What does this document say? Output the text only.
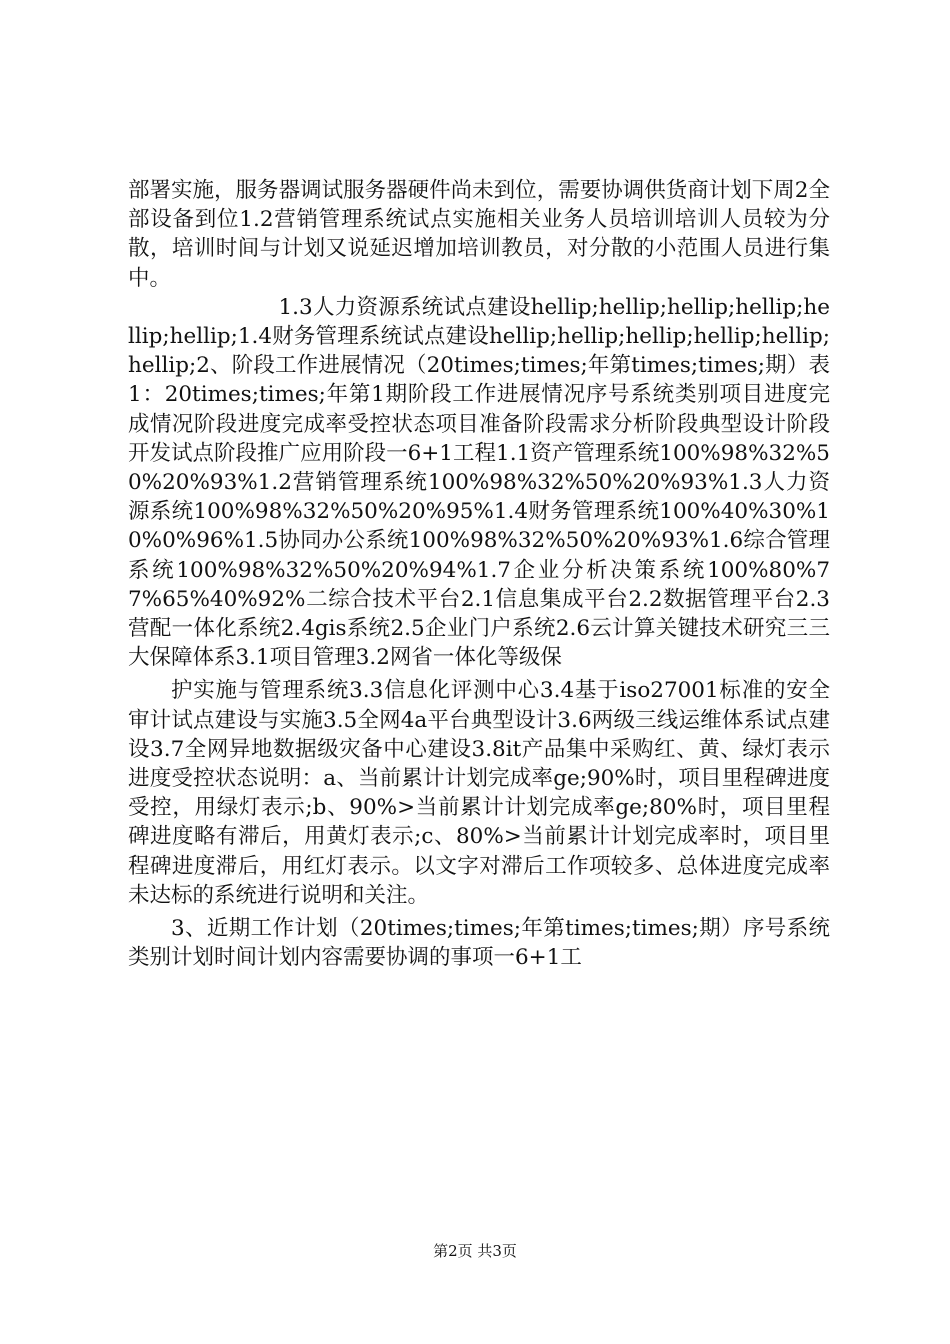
部署实施，服务器调试服务器硬件尚未到位，需要协调供货商计划下周2全部设备到位1.2营销管理系统试点实施相关业务人员培训培训人员较为分散，培训时间与计划又说延迟增加培训教员，对分散的小范围人员进行集中。

1.3人力资源系统试点建设hellip;hellip;hellip;hellip;hellip;hellip;1.4财务管理系统试点建设hellip;hellip;hellip;hellip;hellip;hellip;2、阶段工作进展情况（20times;times;年第times;times;期）表1：20times;times;年第1期阶段工作进展情况序号系统类别项目进度完成情况阶段进度完成率受控状态项目准备阶段需求分析阶段典型设计阶段开发试点阶段推广应用阶段一6+1工程1.1资产管理系统100%98%32%50%20%93%1.2营销管理系统100%98%32%50%20%93%1.3人力资源系统100%98%32%50%20%95%1.4财务管理系统100%40%30%10%0%96%1.5协同办公系统100%98%32%50%20%93%1.6综合管理系统100%98%32%50%20%94%1.7企业分析决策系统100%80%77%65%40%92%二综合技术平台2.1信息集成平台2.2数据管理平台2.3营配一体化系统2.4gis系统2.5企业门户系统2.6云计算关键技术研究三三大保障体系3.1项目管理3.2网省一体化等级保

护实施与管理系统3.3信息化评测中心3.4基于iso27001标准的安全审计试点建设与实施3.5全网4a平台典型设计3.6两级三线运维体系试点建设3.7全网异地数据级灾备中心建设3.8it产品集中采购红、黄、绿灯表示进度受控状态说明：a、当前累计计划完成率ge;90%时，项目里程碑进度受控，用绿灯表示;b、90%>当前累计计划完成率ge;80%时，项目里程碑进度略有滞后，用黄灯表示;c、80%>当前累计计划完成率时，项目里程碑进度滞后，用红灯表示。以文字对滞后工作项较多、总体进度完成率未达标的系统进行说明和关注。

3、近期工作计划（20times;times;年第times;times;期）序号系统类别计划时间计划内容需要协调的事项一6+1工

第2页 共3页
